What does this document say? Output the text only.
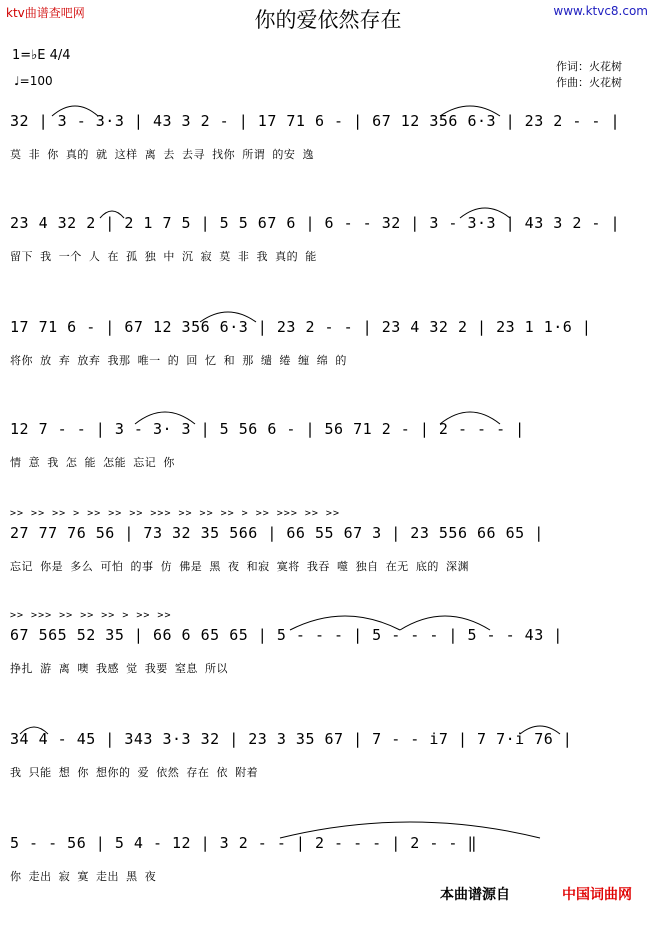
ktv曲谱查吧网	www.ktvc8.com
你的爱依然存在
1=♭E 4/4
♩=100
作词：火花树
作曲：火花树
32 | 3 - 3·3 | 43 3 2 - | 17 71 6 - | 67 12 356 6·3 | 23 2 - - |
莫 非 你 真的 就 这样 离 去 去寻 找你 所谓 的安 逸
23 4 32 2 | 2 1 7 5 | 5 5 67 6 | 6 - - 32 | 3 - 3·3 | 43 3 2 - |
留下 我 一个 人 在 孤 独 中 沉 寂 莫 非 我 真的 能
17 71 6 - | 67 12 356 6·3 | 23 2 - - | 23 4 32 2 | 23 1 1·6 |
将你 放 弃 放弃 我那 唯一 的 回 忆 和 那 缱 绻 缠 绵 的
12 7 - - | 3 - 3· 3 | 5 56 6 - | 56 71 2 - | 2 - - - |
情 意 我 怎 能 怎能 忘记 你
>> >> >> > >> >> >> >>> >> >> >> > >> >>> >> >>
27 77 76 56 | 73 32 35 566 | 66 55 67 3 | 23 556 66 65 |
忘记 你是 多么 可怕 的事 仿 佛是 黑 夜 和寂 寞将 我吞 噬 独自 在无 底的 深渊
>> >>> >> >> >> > >> >>
67 565 52 35 | 66 6 65 65 | 5 - - - | 5 - - - | 5 - - 43 |
挣扎 游 离 噢 我感 觉 我要 窒息 所以
34 4 - 45 | 343 3·3 32 | 23 3 35 67 | 7 - - i7 | 7 7·i 76 |
我 只能 想 你 想你的 爱 依然 存在 依 附着
5 - - 56 | 5 4 - 12 | 3 2 - - | 2 - - - | 2 - - ‖
你 走出 寂 寞 走出 黑 夜
本曲谱源自	中国词曲网
